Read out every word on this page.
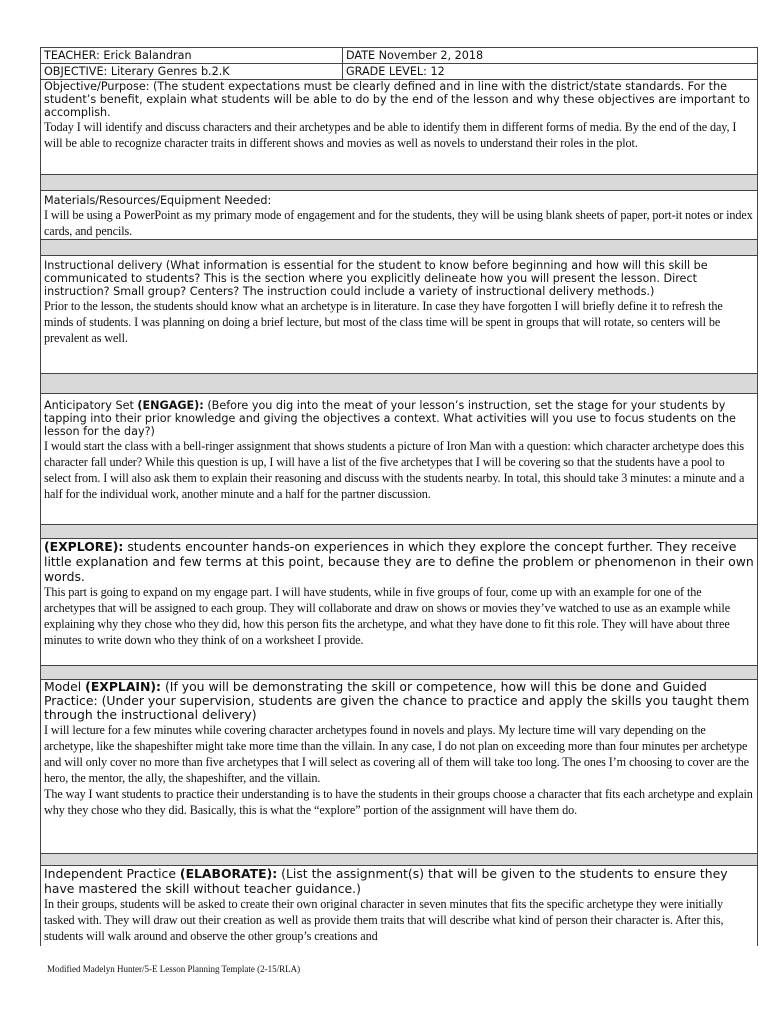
TEACHER: Erick Balandran	DATE November 2, 2018
OBJECTIVE: Literary Genres b.2.K	GRADE LEVEL: 12

Objective/Purpose: (The student expectations must be clearly defined and in line with the district/state standards. For the student’s benefit, explain what students will be able to do by the end of the lesson and why these objectives are important to accomplish.

Today I will identify and discuss characters and their archetypes and be able to identify them in different forms of media. By the end of the day, I will be able to recognize character traits in different shows and movies as well as novels to understand their roles in the plot.	

Materials/Resources/Equipment Needed:

I will be using a PowerPoint as my primary mode of engagement and for the students, they will be using blank sheets of paper, port-it notes or index cards, and pencils.	

Instructional delivery (What information is essential for the student to know before beginning and how will this skill be communicated to students? This is the section where you explicitly delineate how you will present the lesson. Direct instruction? Small group? Centers? The instruction could include a variety of instructional delivery methods.)

Prior to the lesson, the students should know what an archetype is in literature. In case they have forgotten I will briefly define it to refresh the minds of students. I was planning on doing a brief lecture, but most of the class time will be spent in groups that will rotate, so centers will be prevalent as well.	

Anticipatory Set (ENGAGE): (Before you dig into the meat of your lesson’s instruction, set the stage for your students by tapping into their prior knowledge and giving the objectives a context. What activities will you use to focus students on the lesson for the day?)

I would start the class with a bell-ringer assignment that shows students a picture of Iron Man with a question: which character archetype does this character fall under? While this question is up, I will have a list of the five archetypes that I will be covering so that the students have a pool to select from. I will also ask them to explain their reasoning and discuss with the students nearby. In total, this should take 3 minutes: a minute and a half for the individual work, another minute and a half for the partner discussion.	

(EXPLORE): students encounter hands-on experiences in which they explore the concept further. They receive little explanation and few terms at this point, because they are to define the problem or phenomenon in their own words.

This part is going to expand on my engage part. I will have students, while in five groups of four, come up with an example for one of the archetypes that will be assigned to each group. They will collaborate and draw on shows or movies they’ve watched to use as an example while explaining why they chose who they did, how this person fits the archetype, and what they have done to fit this role. They will have about three minutes to write down who they think of on a worksheet I provide.	

Model (EXPLAIN): (If you will be demonstrating the skill or competence, how will this be done and Guided Practice: (Under your supervision, students are given the chance to practice and apply the skills you taught them through the instructional delivery)

I will lecture for a few minutes while covering character archetypes found in novels and plays. My lecture time will vary depending on the archetype, like the shapeshifter might take more time than the villain. In any case, I do not plan on exceeding more than four minutes per archetype and will only cover no more than five archetypes that I will select as covering all of them will take too long. The ones I’m choosing to cover are the hero, the mentor, the ally, the shapeshifter, and the villain.

The way I want students to practice their understanding is to have the students in their groups choose a character that fits each archetype and explain why they chose who they did. Basically, this is what the “explore” portion of the assignment will have them do.	

Independent Practice (ELABORATE): (List the assignment(s) that will be given to the students to ensure they have mastered the skill without teacher guidance.)

In their groups, students will be asked to create their own original character in seven minutes that fits the specific archetype they were initially tasked with. They will draw out their creation as well as provide them traits that will describe what kind of person their character is. After this, students will walk around and observe the other group’s creations and	

Modified Madelyn Hunter/5-E Lesson Planning Template (2-15/RLA)
